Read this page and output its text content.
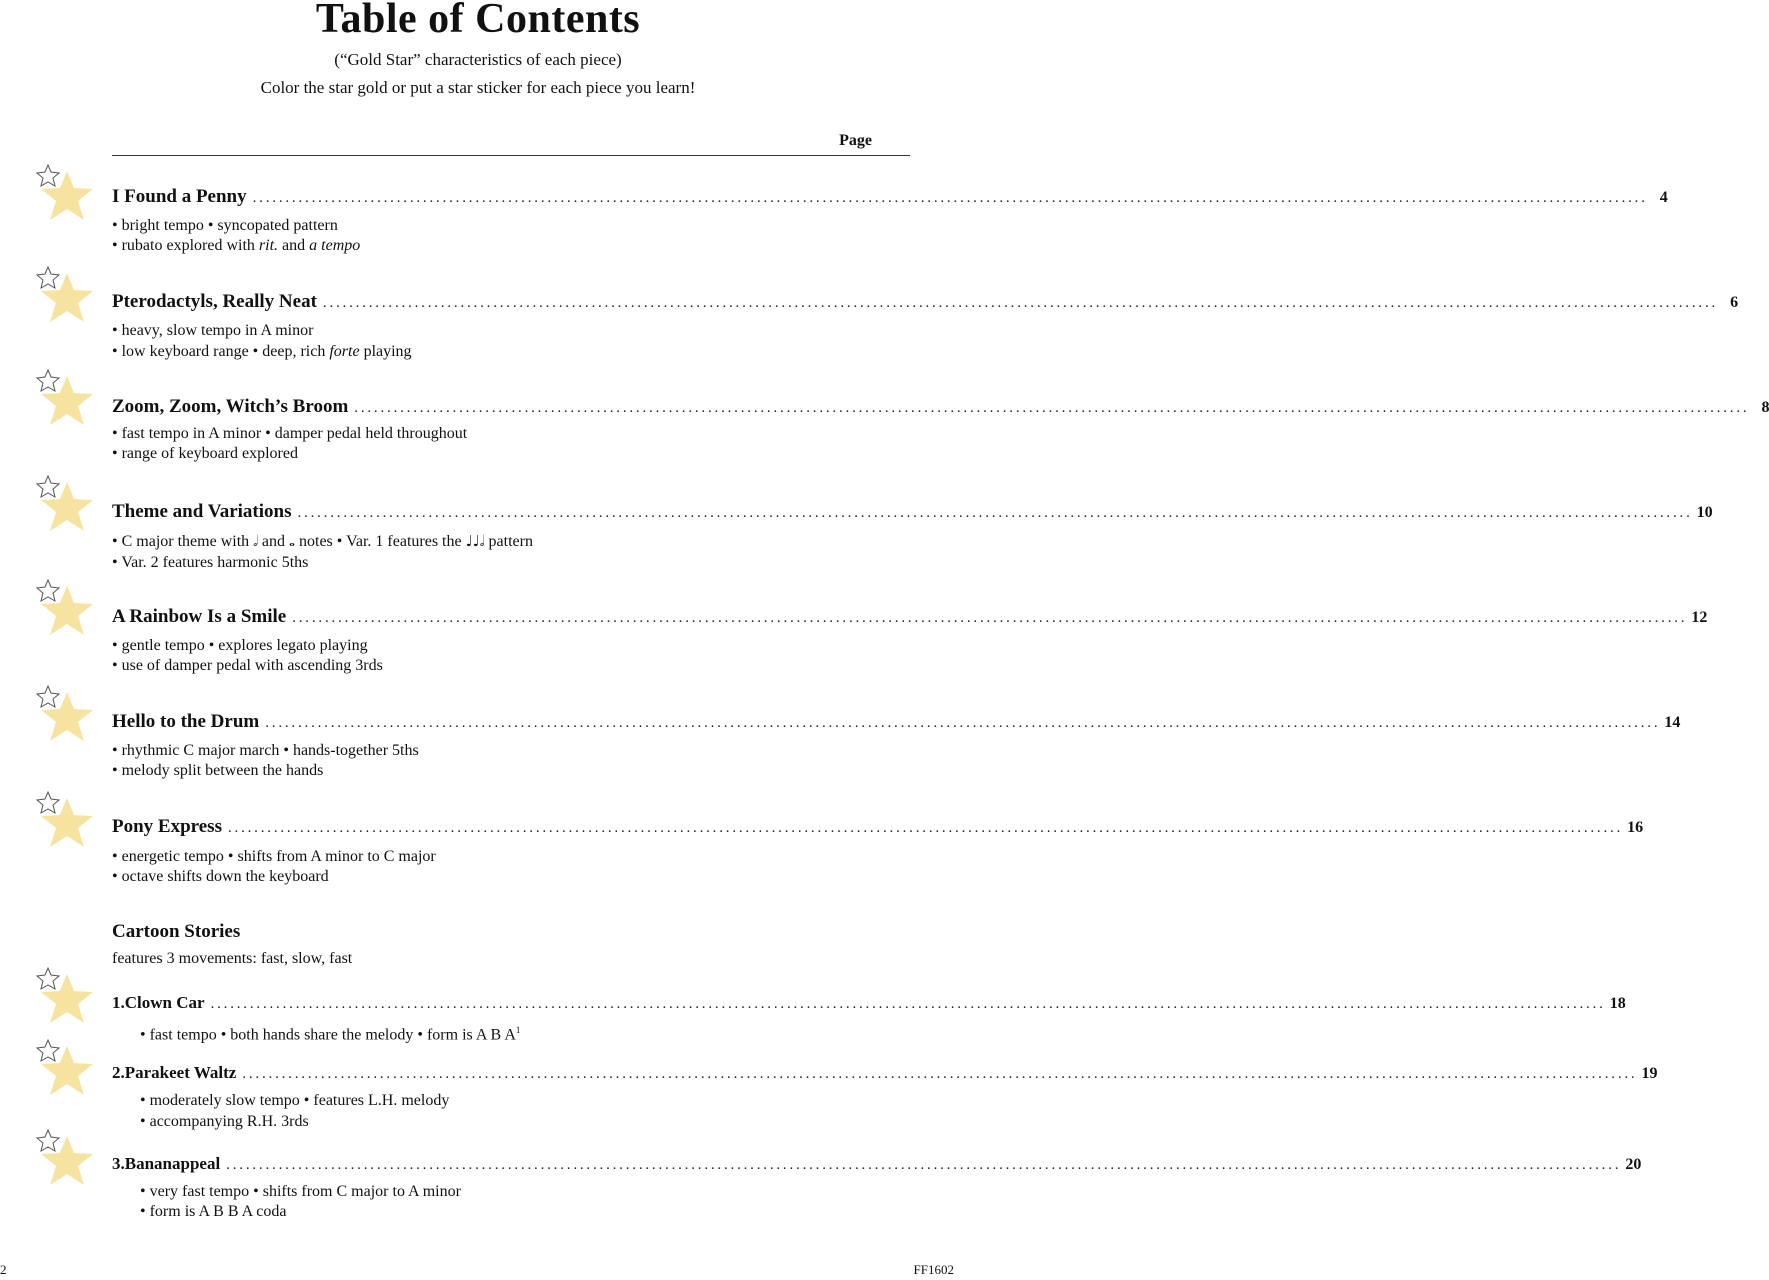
Table of Contents
(“Gold Star” characteristics of each piece)
Color the star gold or put a star sticker for each piece you learn!
Page
I Found a Penny ..................................................................................................................................................................................................................... 4
• bright tempo • syncopated pattern
• rubato explored with rit. and a tempo
Pterodactyls, Really Neat ..................................................................................................................................................................................................................... 6
• heavy, slow tempo in A minor
• low keyboard range • deep, rich forte playing
Zoom, Zoom, Witch’s Broom ..................................................................................................................................................................................................................... 8
• fast tempo in A minor • damper pedal held throughout
• range of keyboard explored
Theme and Variations ..................................................................................................................................................................................................................... 10
• C major theme with 𝅗𝅥 and 𝅝 notes • Var. 1 features the ♩♩𝅗𝅥 pattern
• Var. 2 features harmonic 5ths
A Rainbow Is a Smile ..................................................................................................................................................................................................................... 12
• gentle tempo • explores legato playing
• use of damper pedal with ascending 3rds
Hello to the Drum ..................................................................................................................................................................................................................... 14
• rhythmic C major march • hands-together 5ths
• melody split between the hands
Pony Express ..................................................................................................................................................................................................................... 16
• energetic tempo • shifts from A minor to C major
• octave shifts down the keyboard
Cartoon Stories
features 3 movements: fast, slow, fast
1. Clown Car ..................................................................................................................................................................................................................... 18
• fast tempo • both hands share the melody • form is A B $A^1$
2. Parakeet Waltz ..................................................................................................................................................................................................................... 19
• moderately slow tempo • features L.H. melody
• accompanying R.H. 3rds
3. Bananappeal ..................................................................................................................................................................................................................... 20
• very fast tempo • shifts from C major to A minor
• form is A B B A coda
2	FF1602
